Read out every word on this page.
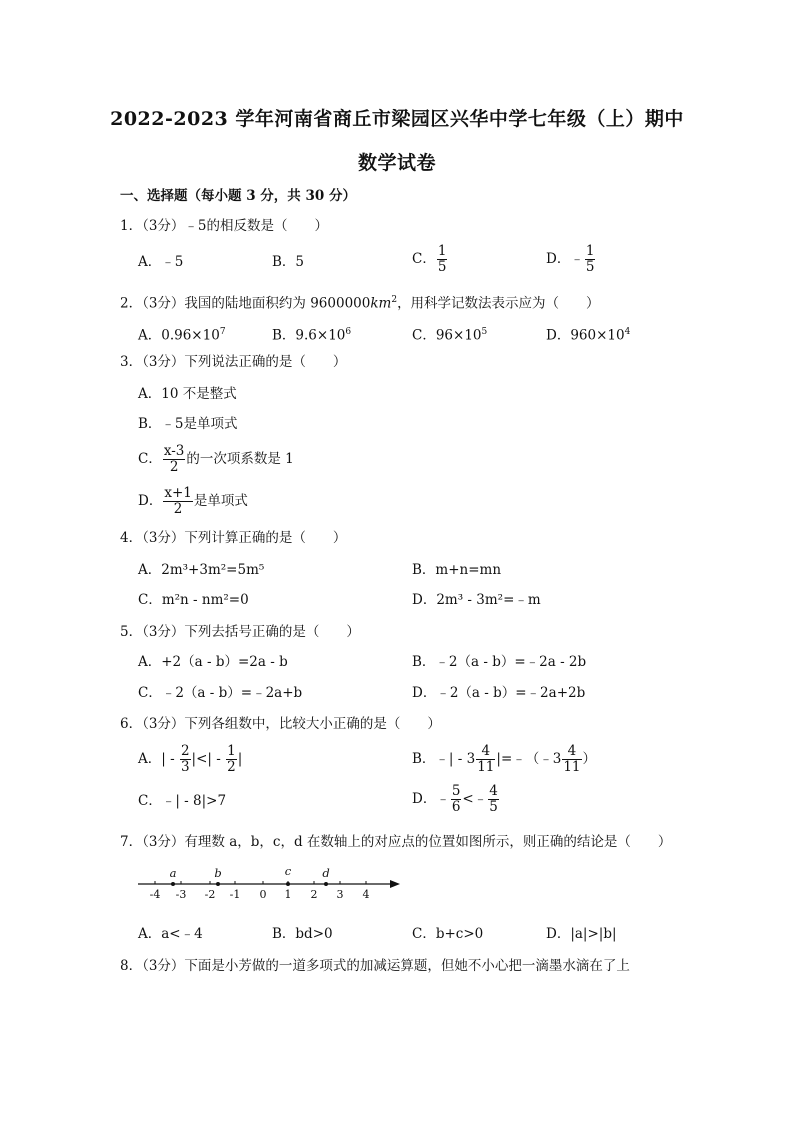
2022-2023 学年河南省商丘市梁园区兴华中学七年级（上）期中
数学试卷
一、选择题（每小题 3 分，共 30 分）
1．（3分）﹣5的相反数是（　　）
A．﹣5	B．5	C． $\frac{1}{5}$	D．﹣ $\frac{1}{5}$
2．（3分）我国的陆地面积约为 $9600000km^2$，用科学记数法表示应为（　　）
A．$0.96\times 10^7$	B．$9.6\times 10^6$	C．$96\times 10^5$	D．$960\times 10^4$
3．（3分）下列说法正确的是（　　）
A．10 不是整式
B．﹣5是单项式
C． $\frac{x-3}{2}$ 的一次项系数是 1
D． $\frac{x+1}{2}$ 是单项式
4．（3分）下列计算正确的是（　　）
A．2m³+3m²=5m⁵	B．m+n=mn
C．m²n - nm²=0	D．2m³ - 3m²=﹣m
5．（3分）下列去括号正确的是（　　）
A．+2（a - b）=2a - b	B．﹣2（a - b）=﹣2a - 2b
C．﹣2（a - b）=﹣2a+b	D．﹣2（a - b）=﹣2a+2b
6．（3分）下列各组数中，比较大小正确的是（　　）
A．| - $\frac{2}{3}$ |<| - $\frac{1}{2}$ |	B．﹣| - $3 \frac{4}{11}$ |=﹣（﹣3 $\frac{4}{11}$ ）
C．﹣| - 8|>7	D．﹣ $\frac{5}{6}$ <﹣ $\frac{4}{5}$
7．（3分）有理数 a，b，c，d 在数轴上的对应点的位置如图所示，则正确的结论是（　　）
-4 -3 -2 -1 0 1 2 3 4
a	b	c	d
A．a<﹣4	B．bd>0	C．b+c>0	D．|a|>|b|
8．（3分）下面是小芳做的一道多项式的加减运算题，但她不小心把一滴墨水滴在了上
